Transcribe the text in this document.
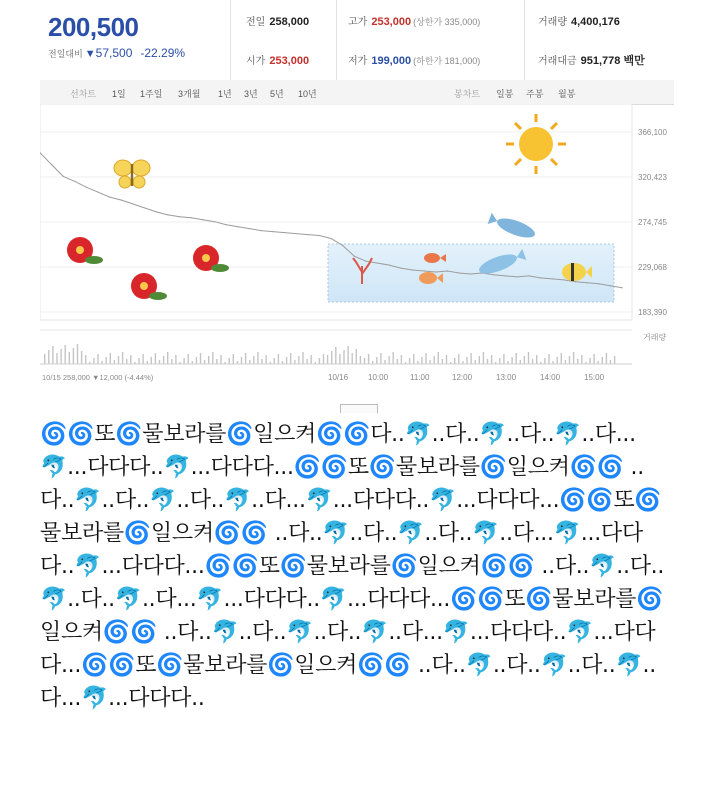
200,500
전일대비 ▼57,500 -22.29%
전일 258,000	고가 253,000 (상한가 335,000)	거래량 4,400,176
시가 253,000	저가 199,000 (하한가 181,000)	거래대금 951,778 백만
선차트 1일 1주일 3개월 1년 3년 5년 10년	봉차트 일봉 주봉 월봉
366,100
320,423
274,745
229,068
183,390
거래량
10/15 258,000 ▼12,000 (-4.44%)	10/16 10:00	11:00	12:00	13:00	14:00	15:00
🌀🌀또🌀물보라를🌀일으켜🌀🌀다..🐬..다..🐬..다..🐬..다...🐬...다다다..🐬...다다다...🌀🌀또🌀물보라를🌀일으켜🌀🌀 ..다..🐬..다..🐬..다..🐬..다...🐬...다다다..🐬...다다다...🌀🌀또🌀물보라를🌀일으켜🌀🌀 ..다..🐬..다..🐬..다..🐬..다...🐬...다다다..🐬...다다다...🌀🌀또🌀물보라를🌀일으켜🌀🌀 ..다..🐬..다..🐬..다..🐬..다...🐬...다다다..🐬...다다다...🌀🌀또🌀물보라를🌀일으켜🌀🌀 ..다..🐬..다..🐬..다..🐬..다...🐬...다다다..🐬...다다다...🌀🌀또🌀물보라를🌀일으켜🌀🌀 ..다..🐬..다..🐬..다..🐬..다...🐬...다다다..
